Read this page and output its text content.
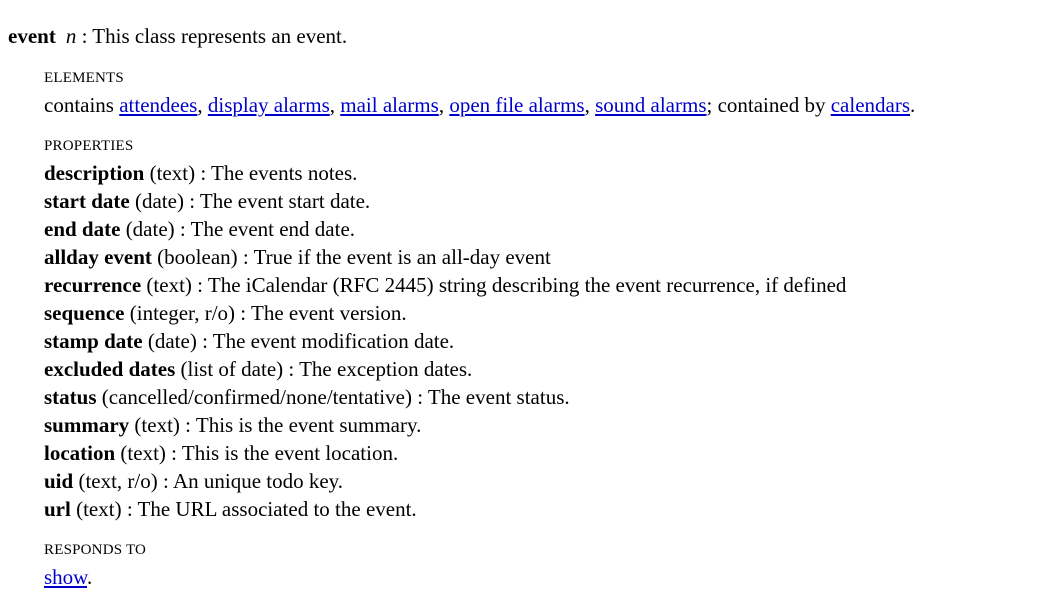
event n : This class represents an event.
ELEMENTS
contains attendees, display alarms, mail alarms, open file alarms, sound alarms; contained by calendars.
PROPERTIES
description (text) : The events notes.
start date (date) : The event start date.
end date (date) : The event end date.
allday event (boolean) : True if the event is an all-day event
recurrence (text) : The iCalendar (RFC 2445) string describing the event recurrence, if defined
sequence (integer, r/o) : The event version.
stamp date (date) : The event modification date.
excluded dates (list of date) : The exception dates.
status (cancelled/confirmed/none/tentative) : The event status.
summary (text) : This is the event summary.
location (text) : This is the event location.
uid (text, r/o) : An unique todo key.
url (text) : The URL associated to the event.
RESPONDS TO
show.
